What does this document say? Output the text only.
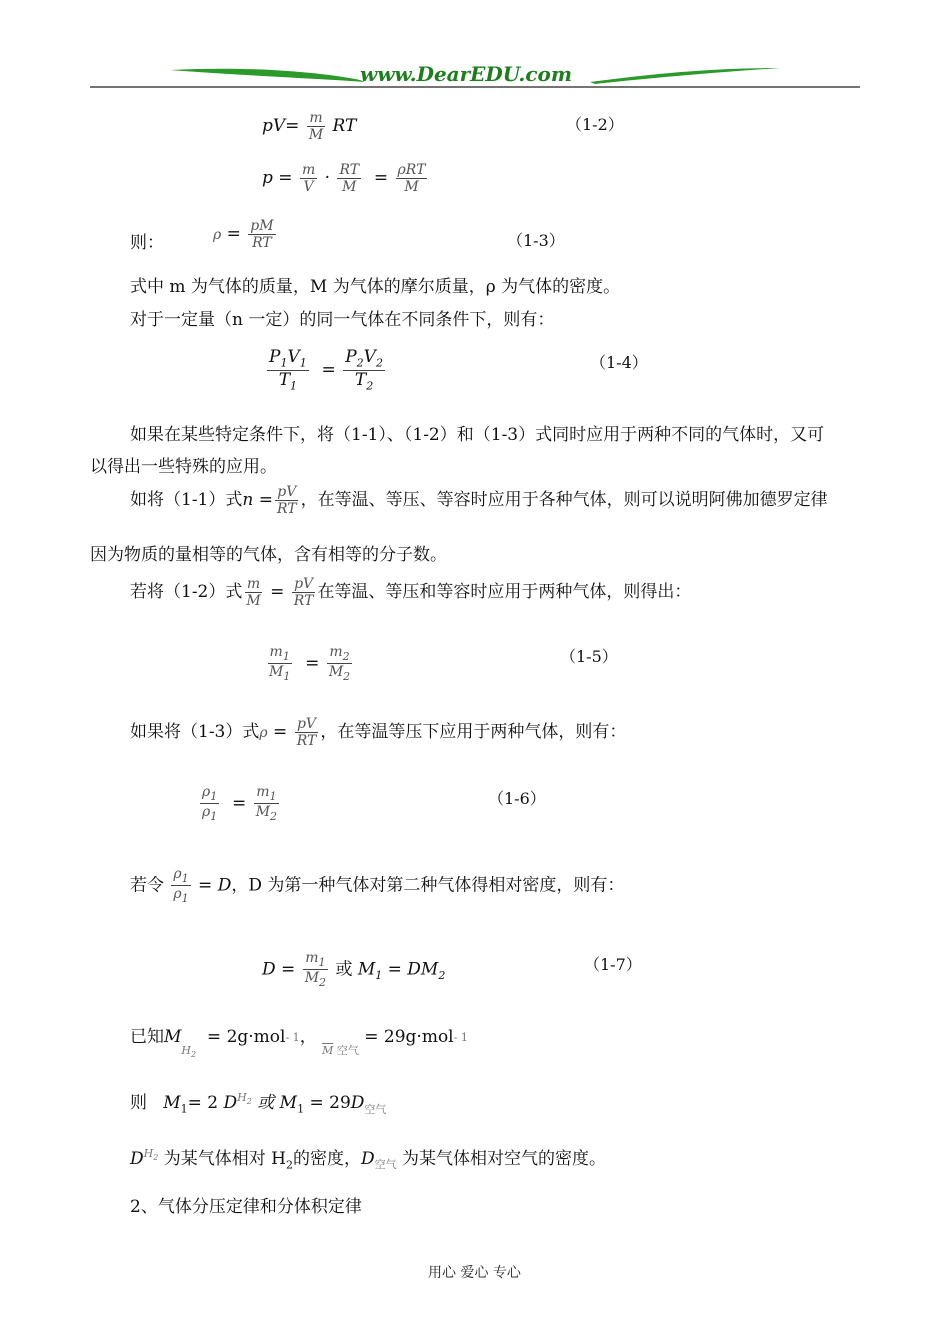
www.DearEDU.com
$pV= \frac{m}{M}$ RT	（1-2）
$p = \frac{m}{V} \cdot \frac{RT}{M} = \frac{\text{ρRT}}{M}$
则：	$\rho = \frac{pM}{RT}$	（1-3）
式中 m 为气体的质量，M 为气体的摩尔质量，ρ 为气体的密度。
对于一定量（n 一定）的同一气体在不同条件下，则有：
$\frac{P_1V_1}{T_1} = \frac{P_2V_2}{T_2}$	（1-4）
如果在某些特定条件下，将（1-1）、（1-2）和（1-3）式同时应用于两种不同的气体时，又可
以得出一些特殊的应用。
如将（1-1）式$n = \frac{pV}{RT}$ ，在等温、等压、等容时应用于各种气体，则可以说明阿佛加德罗定律
因为物质的量相等的气体，含有相等的分子数。
若将（1-2）式 $\frac{m}{M} = \frac{pV}{RT}$ 在等温、等压和等容时应用于两种气体，则得出：
$\frac{m_1}{M_1} = \frac{m_2}{M_2}$	（1-5）
如果将（1-3）式$\rho = \frac{pV}{RT}$ ，在等温等压下应用于两种气体，则有：
$\frac{\rho_1}{\rho_1} = \frac{m_1}{M_2}$	（1-6）
若令 $\frac{\rho_1}{\rho_1} = D$，D 为第一种气体对第二种气体得相对密度，则有：
$D = \frac{m_1}{M_2}$ 或 $M_1 = DM_2$
（1-7）
已知$M_{H_2} = 2g\cdot mol^{- 1}$， $_{\overline{M}}$ $_{空气}$ = 29g·mol$^{- 1}$
则 $M_1= 2$ $D^{H_2}$ 或 $M_1 = 29D_{空气}$
$D^{H_2}$ 为某气体相对 $H_2$的密度，$D_{空气}$ 为某气体相对空气的密度。
2、气体分压定律和分体积定律
用心 爱心 专心
